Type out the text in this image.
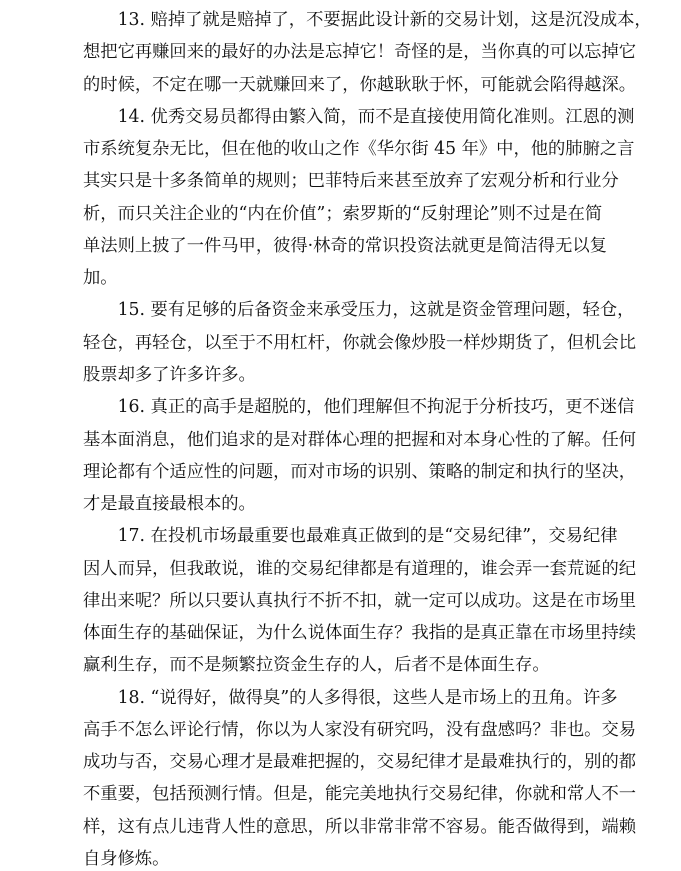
　　13. 赔掉了就是赔掉了，不要据此设计新的交易计划，这是沉没成本，
想把它再赚回来的最好的办法是忘掉它！奇怪的是，当你真的可以忘掉它
的时候，不定在哪一天就赚回来了，你越耿耿于怀，可能就会陷得越深。
　　14. 优秀交易员都得由繁入简，而不是直接使用简化准则。江恩的测
市系统复杂无比，但在他的收山之作《华尔街 45 年》中，他的肺腑之言
其实只是十多条简单的规则；巴菲特后来甚至放弃了宏观分析和行业分
析，而只关注企业的“内在价值”；索罗斯的“反射理论”则不过是在简
单法则上披了一件马甲，彼得·林奇的常识投资法就更是简洁得无以复
加。
　　15. 要有足够的后备资金来承受压力，这就是资金管理问题，轻仓，
轻仓，再轻仓，以至于不用杠杆，你就会像炒股一样炒期货了，但机会比
股票却多了许多许多。
　　16. 真正的高手是超脱的，他们理解但不拘泥于分析技巧，更不迷信
基本面消息，他们追求的是对群体心理的把握和对本身心性的了解。任何
理论都有个适应性的问题，而对市场的识别、策略的制定和执行的坚决，
才是最直接最根本的。
　　17. 在投机市场最重要也最难真正做到的是“交易纪律”，交易纪律
因人而异，但我敢说，谁的交易纪律都是有道理的，谁会弄一套荒诞的纪
律出来呢？所以只要认真执行不折不扣，就一定可以成功。这是在市场里
体面生存的基础保证，为什么说体面生存？我指的是真正靠在市场里持续
赢利生存，而不是频繁拉资金生存的人，后者不是体面生存。
　　18. “说得好，做得臭”的人多得很，这些人是市场上的丑角。许多
高手不怎么评论行情，你以为人家没有研究吗，没有盘感吗？非也。交易
成功与否，交易心理才是最难把握的，交易纪律才是最难执行的，别的都
不重要，包括预测行情。但是，能完美地执行交易纪律，你就和常人不一
样，这有点儿违背人性的意思，所以非常非常不容易。能否做得到，端赖
自身修炼。
